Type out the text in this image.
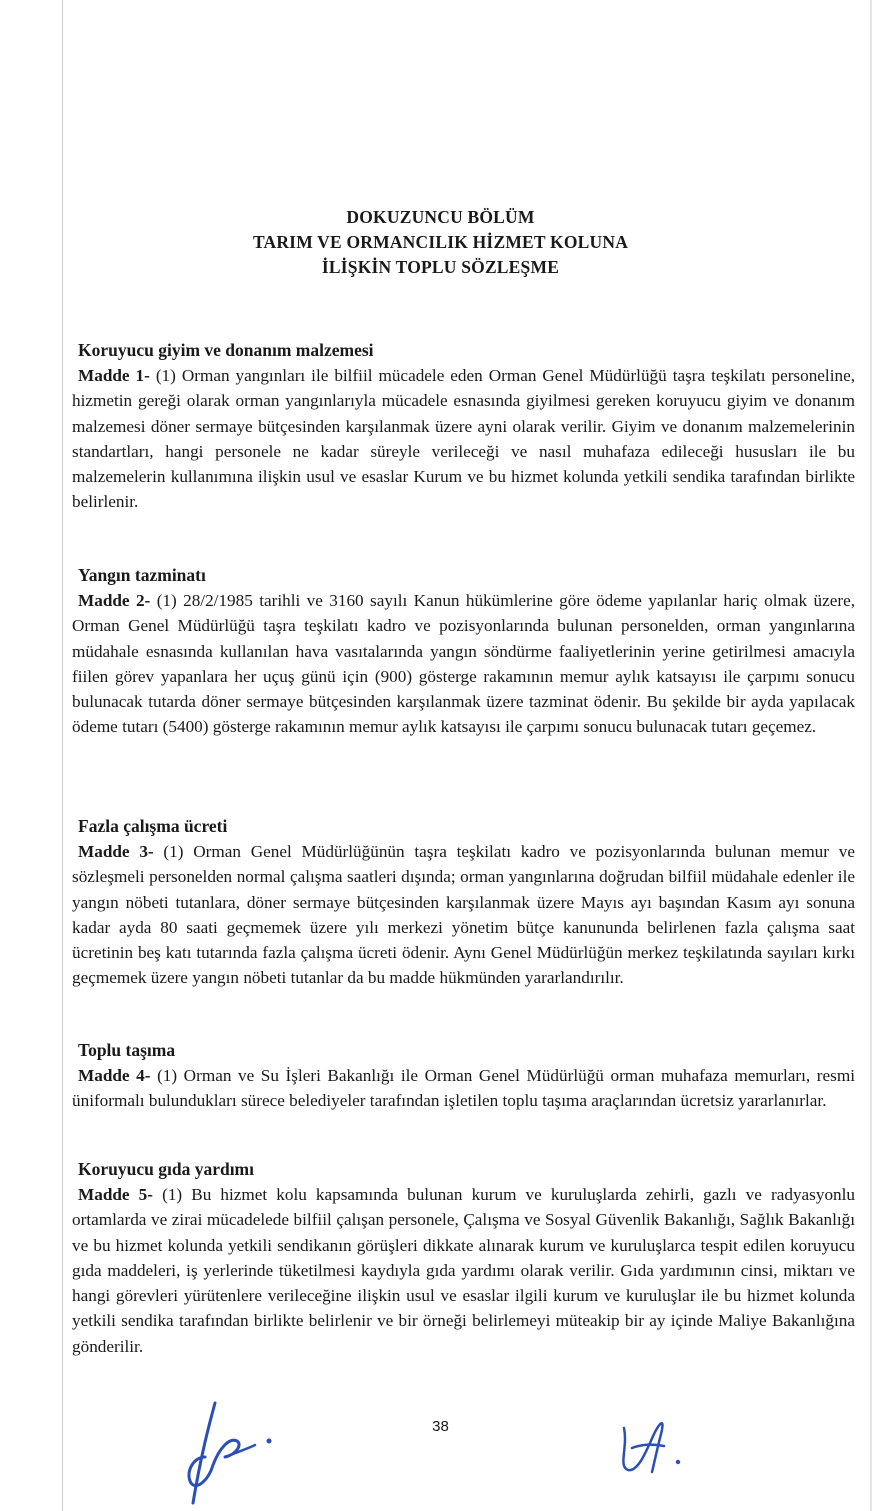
DOKUZUNCU BÖLÜM
TARIM VE ORMANCILIK HİZMET KOLUNA
İLİŞKİN TOPLU SÖZLEŞME
Koruyucu giyim ve donanım malzemesi

Madde 1- (1) Orman yangınları ile bilfiil mücadele eden Orman Genel Müdürlüğü taşra teşkilatı personeline, hizmetin gereği olarak orman yangınlarıyla mücadele esnasında giyilmesi gereken koruyucu giyim ve donanım malzemesi döner sermaye bütçesinden karşılanmak üzere ayni olarak verilir. Giyim ve donanım malzemelerinin standartları, hangi personele ne kadar süreyle verileceği ve nasıl muhafaza edileceği hususları ile bu malzemelerin kullanımına ilişkin usul ve esaslar Kurum ve bu hizmet kolunda yetkili sendika tarafından birlikte belirlenir.

Yangın tazminatı

Madde 2- (1) 28/2/1985 tarihli ve 3160 sayılı Kanun hükümlerine göre ödeme yapılanlar hariç olmak üzere, Orman Genel Müdürlüğü taşra teşkilatı kadro ve pozisyonlarında bulunan personelden, orman yangınlarına müdahale esnasında kullanılan hava vasıtalarında yangın söndürme faaliyetlerinin yerine getirilmesi amacıyla fiilen görev yapanlara her uçuş günü için (900) gösterge rakamının memur aylık katsayısı ile çarpımı sonucu bulunacak tutarda döner sermaye bütçesinden karşılanmak üzere tazminat ödenir. Bu şekilde bir ayda yapılacak ödeme tutarı (5400) gösterge rakamının memur aylık katsayısı ile çarpımı sonucu bulunacak tutarı geçemez.

Fazla çalışma ücreti

Madde 3- (1) Orman Genel Müdürlüğünün taşra teşkilatı kadro ve pozisyonlarında bulunan memur ve sözleşmeli personelden normal çalışma saatleri dışında; orman yangınlarına doğrudan bilfiil müdahale edenler ile yangın nöbeti tutanlara, döner sermaye bütçesinden karşılanmak üzere Mayıs ayı başından Kasım ayı sonuna kadar ayda 80 saati geçmemek üzere yılı merkezi yönetim bütçe kanununda belirlenen fazla çalışma saat ücretinin beş katı tutarında fazla çalışma ücreti ödenir. Aynı Genel Müdürlüğün merkez teşkilatında sayıları kırkı geçmemek üzere yangın nöbeti tutanlar da bu madde hükmünden yararlandırılır.

Toplu taşıma

Madde 4- (1) Orman ve Su İşleri Bakanlığı ile Orman Genel Müdürlüğü orman muhafaza memurları, resmi üniformalı bulundukları sürece belediyeler tarafından işletilen toplu taşıma araçlarından ücretsiz yararlanırlar.

Koruyucu gıda yardımı

Madde 5- (1) Bu hizmet kolu kapsamında bulunan kurum ve kuruluşlarda zehirli, gazlı ve radyasyonlu ortamlarda ve zirai mücadelede bilfiil çalışan personele, Çalışma ve Sosyal Güvenlik Bakanlığı, Sağlık Bakanlığı ve bu hizmet kolunda yetkili sendikanın görüşleri dikkate alınarak kurum ve kuruluşlarca tespit edilen koruyucu gıda maddeleri, iş yerlerinde tüketilmesi kaydıyla gıda yardımı olarak verilir. Gıda yardımının cinsi, miktarı ve hangi görevleri yürütenlere verileceğine ilişkin usul ve esaslar ilgili kurum ve kuruluşlar ile bu hizmet kolunda yetkili sendika tarafından birlikte belirlenir ve bir örneği belirlemeyi müteakip bir ay içinde Maliye Bakanlığına gönderilir.

38
